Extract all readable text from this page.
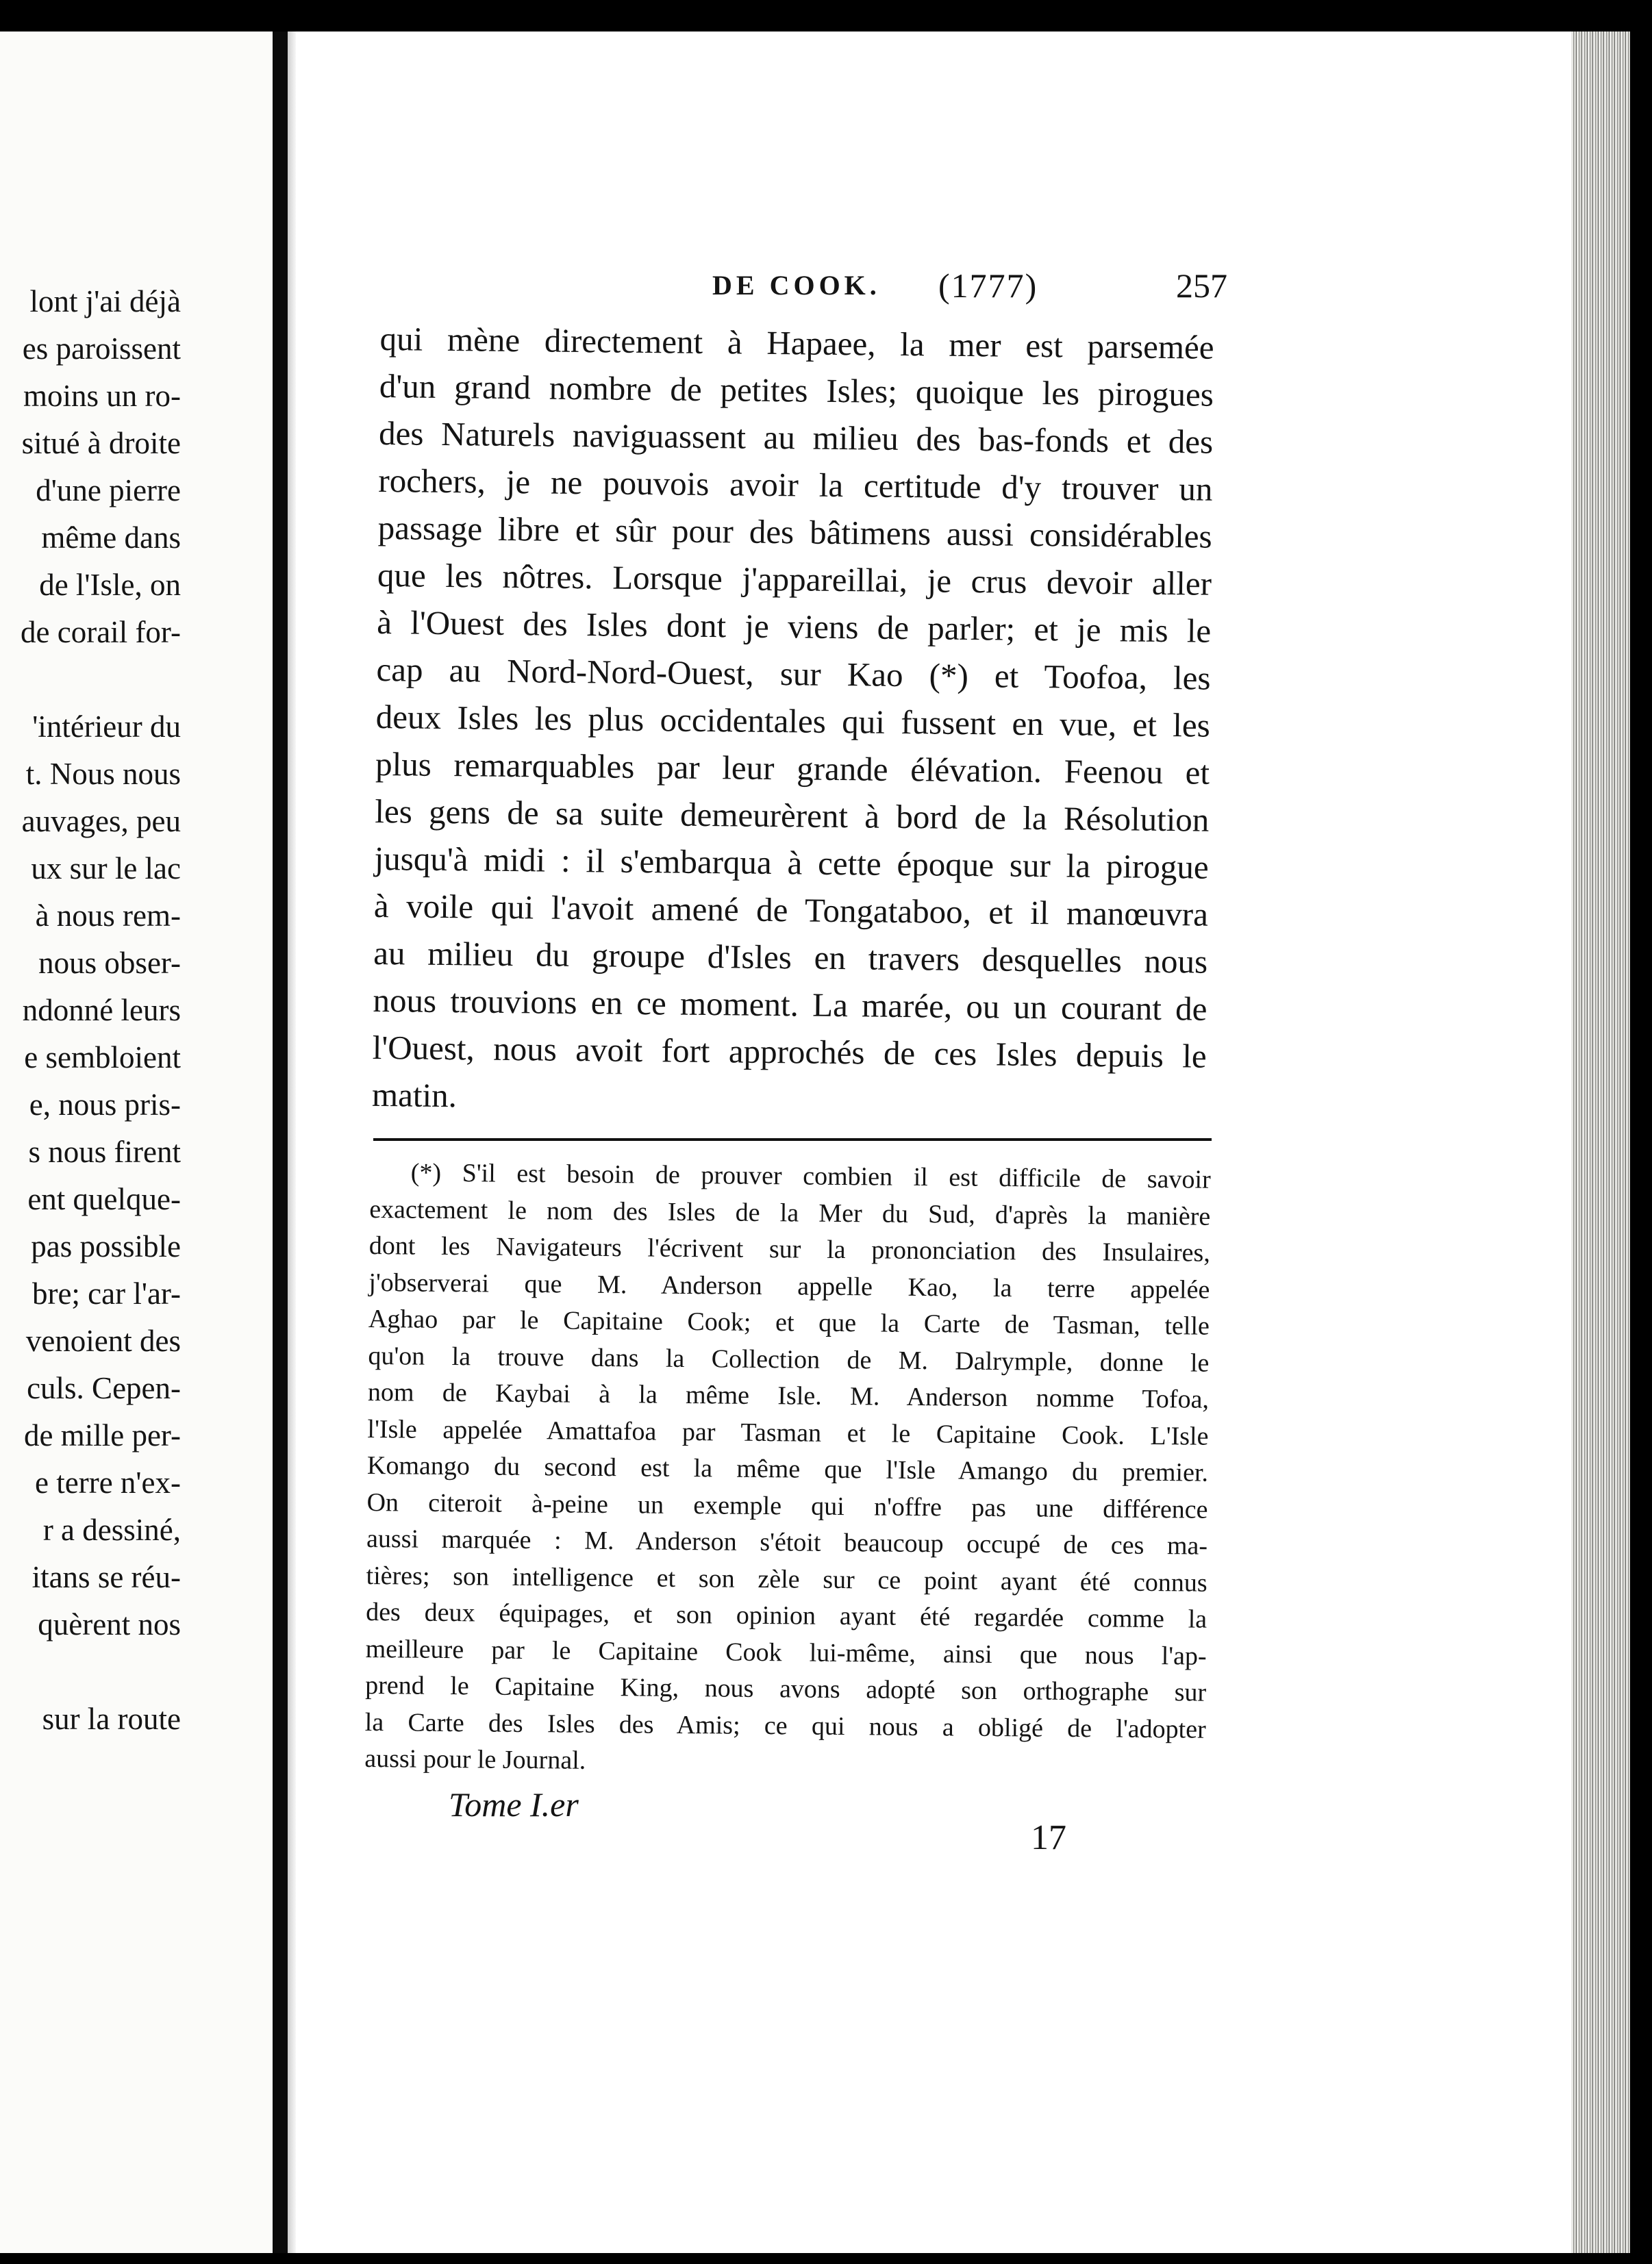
lont j'ai déjà
es paroissent
moins un ro-
situé à droite
d'une pierre
même dans
de l'Isle, on
de corail for-
'intérieur du
t. Nous nous
auvages, peu
ux sur le lac
à nous rem-
nous obser-
ndonné leurs
e sembloient
e, nous pris-
s nous firent
ent quelque-
pas possible
bre; car l'ar-
venoient des
culs. Cepen-
de mille per-
e terre n'ex-
r a dessiné,
itans se réu-
quèrent nos
sur la route
DE COOK. (1777)	257
qui mène directement à Hapaee, la mer est parsemée
d'un grand nombre de petites Isles; quoique les pirogues
des Naturels naviguassent au milieu des bas-fonds et des
rochers, je ne pouvois avoir la certitude d'y trouver un
passage libre et sûr pour des bâtimens aussi considérables
que les nôtres. Lorsque j'appareillai, je crus devoir aller
à l'Ouest des Isles dont je viens de parler; et je mis le
cap au Nord-Nord-Ouest, sur Kao (*) et Toofoa, les
deux Isles les plus occidentales qui fussent en vue, et les
plus remarquables par leur grande élévation. Feenou et
les gens de sa suite demeurèrent à bord de la Résolution
jusqu'à midi : il s'embarqua à cette époque sur la pirogue
à voile qui l'avoit amené de Tongataboo, et il manœuvra
au milieu du groupe d'Isles en travers desquelles nous
nous trouvions en ce moment. La marée, ou un courant de
l'Ouest, nous avoit fort approchés de ces Isles depuis le
matin.
(*) S'il est besoin de prouver combien il est difficile de savoir
exactement le nom des Isles de la Mer du Sud, d'après la manière
dont les Navigateurs l'écrivent sur la prononciation des Insulaires,
j'observerai que M. Anderson appelle Kao, la terre appelée
Aghao par le Capitaine Cook; et que la Carte de Tasman, telle
qu'on la trouve dans la Collection de M. Dalrymple, donne le
nom de Kaybai à la même Isle. M. Anderson nomme Tofoa,
l'Isle appelée Amattafoa par Tasman et le Capitaine Cook. L'Isle
Komango du second est la même que l'Isle Amango du premier.
On citeroit à-peine un exemple qui n'offre pas une différence
aussi marquée : M. Anderson s'étoit beaucoup occupé de ces ma-
tières; son intelligence et son zèle sur ce point ayant été connus
des deux équipages, et son opinion ayant été regardée comme la
meilleure par le Capitaine Cook lui-même, ainsi que nous l'ap-
prend le Capitaine King, nous avons adopté son orthographe sur
la Carte des Isles des Amis; ce qui nous a obligé de l'adopter
aussi pour le Journal.
Tome I.er
17
